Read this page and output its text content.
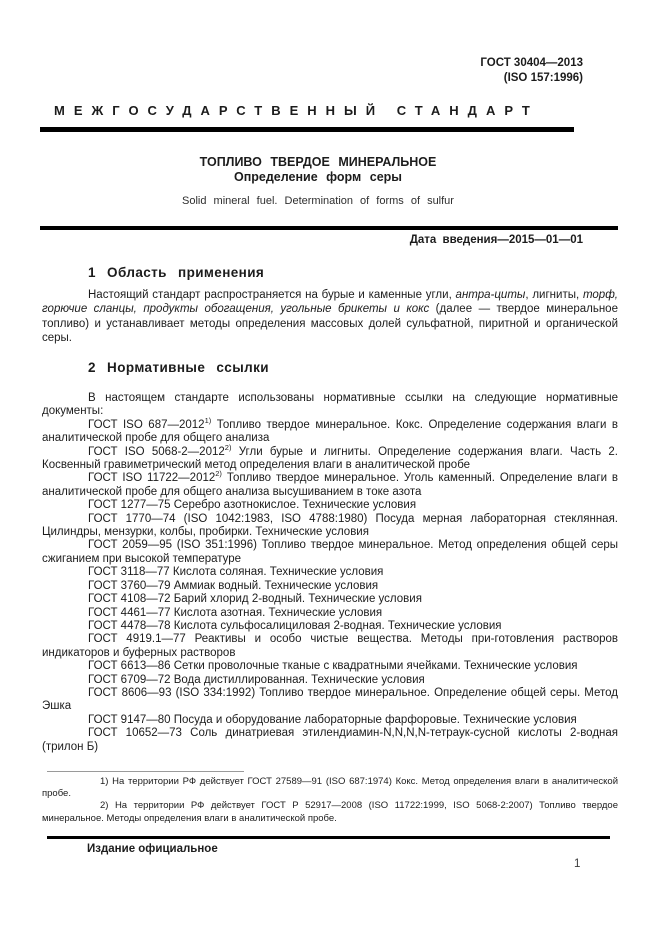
ГОСТ 30404—2013
(ISO 157:1996)
МЕЖГОСУДАРСТВЕННЫЙ СТАНДАРТ
ТОПЛИВО ТВЕРДОЕ МИНЕРАЛЬНОЕ
Определение форм серы
Solid mineral fuel. Determination of forms of sulfur
Дата введения—2015—01—01
1 Область применения

Настоящий стандарт распространяется на бурые и каменные угли, антра-циты, лигниты, торф, горючие сланцы, продукты обогащения, угольные брикеты и кокс (далее — твердое минеральное топливо) и устанавливает методы определения массовых долей сульфатной, пиритной и органической серы.

2 Нормативные ссылки

В настоящем стандарте использованы нормативные ссылки на следующие нормативные документы:

ГОСТ ISO 687—2012$^{1)}$ Топливо твердое минеральное. Кокс. Определение содержания влаги в аналитической пробе для общего анализа

ГОСТ ISO 5068-2—2012$^{2)}$ Угли бурые и лигниты. Определение содержания влаги. Часть 2. Косвенный гравиметрический метод определения влаги в аналитической пробе

ГОСТ ISO 11722—2012$^{2)}$ Топливо твердое минеральное. Уголь каменный. Определение влаги в аналитической пробе для общего анализа высушиванием в токе азота

ГОСТ 1277—75 Серебро азотнокислое. Технические условия

ГОСТ 1770—74 (ISO 1042:1983, ISO 4788:1980) Посуда мерная лабораторная стеклянная. Цилиндры, мензурки, колбы, пробирки. Технические условия

ГОСТ 2059—95 (ISO 351:1996) Топливо твердое минеральное. Метод определения общей серы сжиганием при высокой температуре

ГОСТ 3118—77 Кислота соляная. Технические условия

ГОСТ 3760—79 Аммиак водный. Технические условия

ГОСТ 4108—72 Барий хлорид 2-водный. Технические условия

ГОСТ 4461—77 Кислота азотная. Технические условия

ГОСТ 4478—78 Кислота сульфосалициловая 2-водная. Технические условия

ГОСТ 4919.1—77 Реактивы и особо чистые вещества. Методы при-готовления растворов индикаторов и буферных растворов

ГОСТ 6613—86 Сетки проволочные тканые с квадратными ячейками. Технические условия

ГОСТ 6709—72 Вода дистиллированная. Технические условия

ГОСТ 8606—93 (ISO 334:1992) Топливо твердое минеральное. Определение общей серы. Метод Эшка

ГОСТ 9147—80 Посуда и оборудование лабораторные фарфоровые. Технические условия

ГОСТ 10652—73 Соль динатриевая этилендиамин-N,N,N,N-тетраук-сусной кислоты 2-водная (трилон Б)

1) На территории РФ действует ГОСТ 27589—91 (ISO 687:1974) Кокс. Метод определения влаги в аналитической пробе.

2) На территории РФ действует ГОСТ Р 52917—2008 (ISO 11722:1999, ISO 5068-2:2007) Топливо твердое минеральное. Методы определения влаги в аналитической пробе.

Издание официальное
1
